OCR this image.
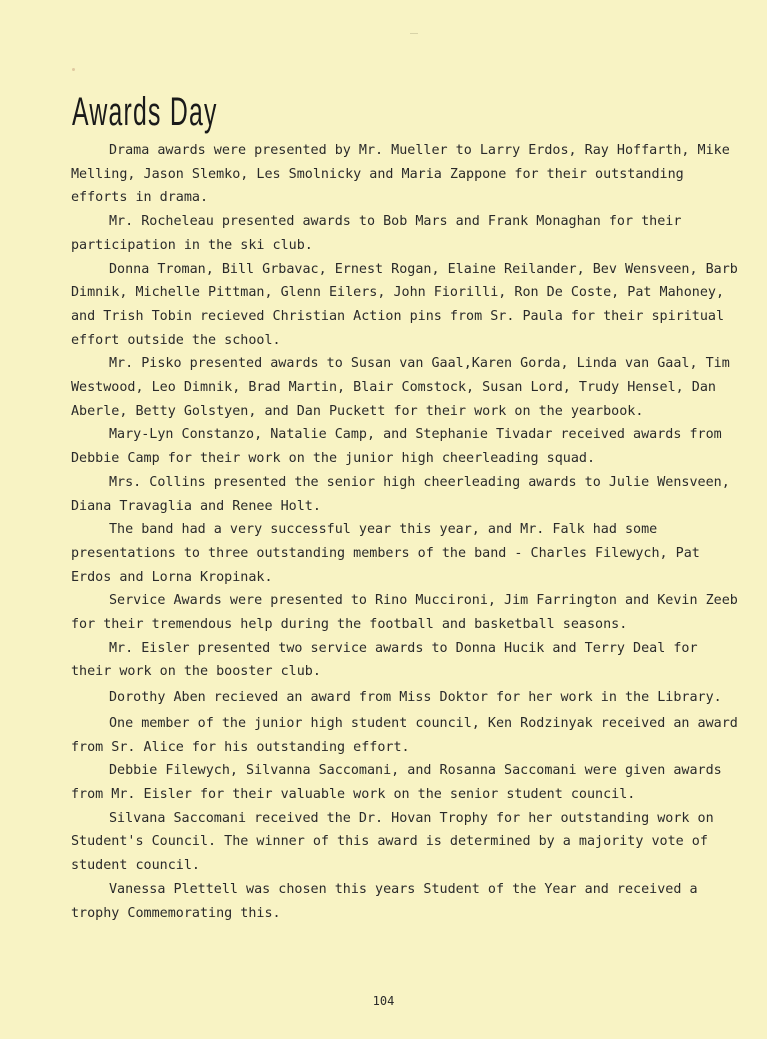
Awards Day

Drama awards were presented by Mr. Mueller to Larry Erdos, Ray Hoffarth, Mike Melling, Jason Slemko, Les Smolnicky and Maria Zappone for their outstanding efforts in drama.

Mr. Rocheleau presented awards to Bob Mars and Frank Monaghan for their participation in the ski club.

Donna Troman, Bill Grbavac, Ernest Rogan, Elaine Reilander, Bev Wensveen, Barb Dimnik, Michelle Pittman, Glenn Eilers, John Fiorilli, Ron De Coste, Pat Mahoney, and Trish Tobin recieved Christian Action pins from Sr. Paula for their spiritual effort outside the school.

Mr. Pisko presented awards to Susan van Gaal,Karen Gorda, Linda van Gaal, Tim Westwood, Leo Dimnik, Brad Martin, Blair Comstock, Susan Lord, Trudy Hensel, Dan Aberle, Betty Golstyen, and Dan Puckett for their work on the yearbook.

Mary-Lyn Constanzo, Natalie Camp, and Stephanie Tivadar received awards from Debbie Camp for their work on the junior high cheerleading squad.

Mrs. Collins presented the senior high cheerleading awards to Julie Wensveen, Diana Travaglia and Renee Holt.

The band had a very successful year this year, and Mr. Falk had some presentations to three outstanding members of the band - Charles Filewych, Pat Erdos and Lorna Kropinak.

Service Awards were presented to Rino Muccironi, Jim Farrington and Kevin Zeeb for their tremendous help during the football and basketball seasons.

Mr. Eisler presented two service awards to Donna Hucik and Terry Deal for their work on the booster club.

Dorothy Aben recieved an award from Miss Doktor for her work in the Library.

One member of the junior high student council, Ken Rodzinyak received an award from Sr. Alice for his outstanding effort.

Debbie Filewych, Silvanna Saccomani, and Rosanna Saccomani were given awards from Mr. Eisler for their valuable work on the senior student council.

Silvana Saccomani received the Dr. Hovan Trophy for her outstanding work on Student's Council. The winner of this award is determined by a majority vote of student council.

Vanessa Plettell was chosen this years Student of the Year and received a trophy Commemorating this.

104
